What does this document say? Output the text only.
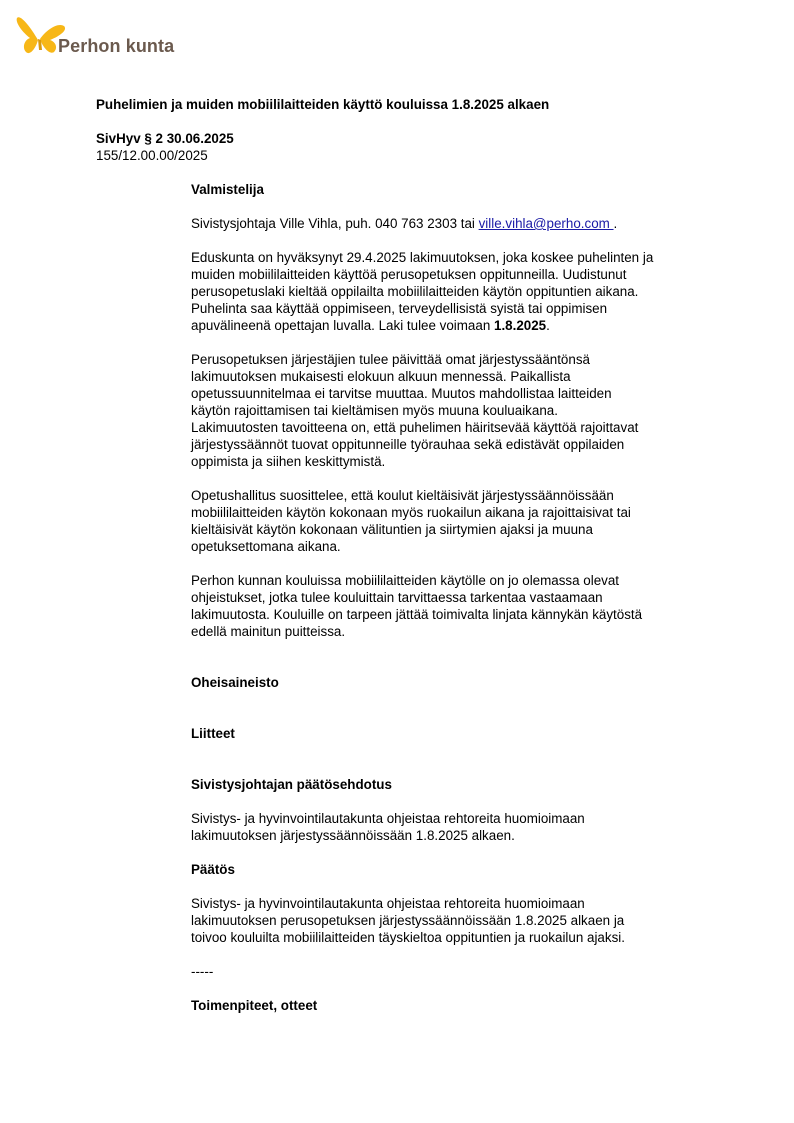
Perhon kunta
Puhelimien ja muiden mobiililaitteiden käyttö kouluissa 1.8.2025 alkaen
SivHyv § 2 30.06.2025
155/12.00.00/2025

Valmistelija

Sivistysjohtaja Ville Vihla, puh. 040 763 2303 tai ville.vihla@perho.com .

Eduskunta on hyväksynyt 29.4.2025 lakimuutoksen, joka koskee puhelinten ja
muiden mobiililaitteiden käyttöä perusopetuksen oppitunneilla. Uudistunut
perusopetuslaki kieltää oppilailta mobiililaitteiden käytön oppituntien aikana.
Puhelinta saa käyttää oppimiseen, terveydellisistä syistä tai oppimisen
apuvälineenä opettajan luvalla. Laki tulee voimaan 1.8.2025.

Perusopetuksen järjestäjien tulee päivittää omat järjestyssääntönsä
lakimuutoksen mukaisesti elokuun alkuun mennessä. Paikallista
opetussuunnitelmaa ei tarvitse muuttaa. Muutos mahdollistaa laitteiden
käytön rajoittamisen tai kieltämisen myös muuna kouluaikana.
Lakimuutosten tavoitteena on, että puhelimen häiritsevää käyttöä rajoittavat
järjestyssäännöt tuovat oppitunneille työrauhaa sekä edistävät oppilaiden
oppimista ja siihen keskittymistä.

Opetushallitus suosittelee, että koulut kieltäisivät järjestyssäännöissään
mobiililaitteiden käytön kokonaan myös ruokailun aikana ja rajoittaisivat tai
kieltäisivät käytön kokonaan välituntien ja siirtymien ajaksi ja muuna
opetuksettomana aikana.

Perhon kunnan kouluissa mobiililaitteiden käytölle on jo olemassa olevat
ohjeistukset, jotka tulee kouluittain tarvittaessa tarkentaa vastaamaan
lakimuutosta. Kouluille on tarpeen jättää toimivalta linjata kännykän käytöstä
edellä mainitun puitteissa.

Oheisaineisto

Liitteet

Sivistysjohtajan päätösehdotus

Sivistys- ja hyvinvointilautakunta ohjeistaa rehtoreita huomioimaan
lakimuutoksen järjestyssäännöissään 1.8.2025 alkaen.

Päätös

Sivistys- ja hyvinvointilautakunta ohjeistaa rehtoreita huomioimaan
lakimuutoksen perusopetuksen järjestyssäännöissään 1.8.2025 alkaen ja
toivoo kouluilta mobiililaitteiden täyskieltoa oppituntien ja ruokailun ajaksi.

-----

Toimenpiteet, otteet
